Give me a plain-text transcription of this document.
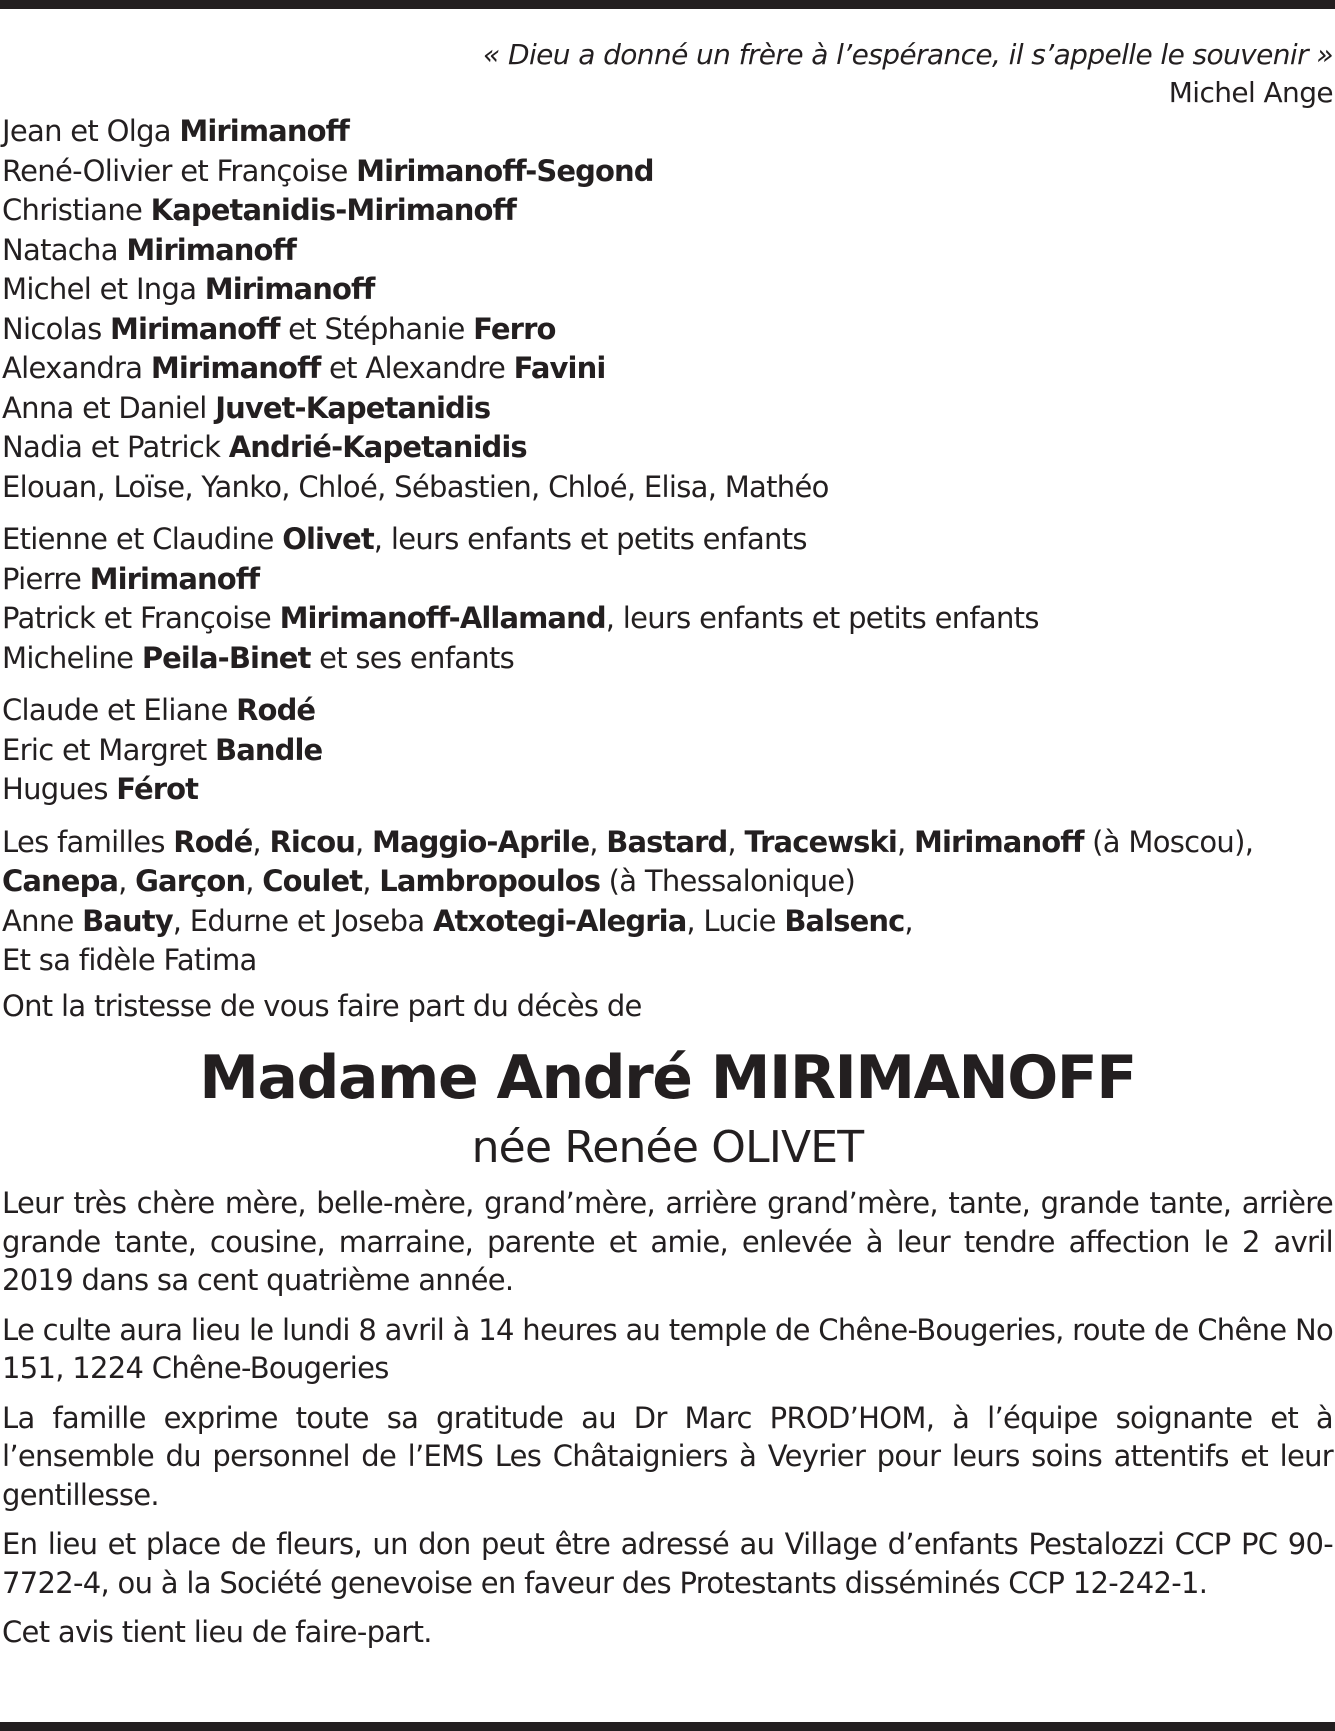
« Dieu a donné un frère à l’espérance, il s’appelle le souvenir »
Michel Ange
Jean et Olga Mirimanoff
René-Olivier et Françoise Mirimanoff-Segond
Christiane Kapetanidis-Mirimanoff
Natacha Mirimanoff
Michel et Inga Mirimanoff
Nicolas Mirimanoff et Stéphanie Ferro
Alexandra Mirimanoff et Alexandre Favini
Anna et Daniel Juvet-Kapetanidis
Nadia et Patrick Andrié-Kapetanidis
Elouan, Loïse, Yanko, Chloé, Sébastien, Chloé, Elisa, Mathéo
Etienne et Claudine Olivet, leurs enfants et petits enfants
Pierre Mirimanoff
Patrick et Françoise Mirimanoff-Allamand, leurs enfants et petits enfants
Micheline Peila-Binet et ses enfants
Claude et Eliane Rodé
Eric et Margret Bandle
Hugues Férot
Les familles Rodé, Ricou, Maggio-Aprile, Bastard, Tracewski, Mirimanoff (à Moscou),
Canepa, Garçon, Coulet, Lambropoulos (à Thessalonique)
Anne Bauty, Edurne et Joseba Atxotegi-Alegria, Lucie Balsenc,
Et sa fidèle Fatima
Ont la tristesse de vous faire part du décès de
Madame André MIRIMANOFF
née Renée OLIVET
Leur très chère mère, belle-mère, grand’mère, arrière grand’mère, tante, grande tante, arrière grande tante, cousine, marraine, parente et amie, enlevée à leur tendre affection le 2 avril 2019 dans sa cent quatrième année.
Le culte aura lieu le lundi 8 avril à 14 heures au temple de Chêne-Bougeries, route de Chêne No 151, 1224 Chêne-Bougeries
La famille exprime toute sa gratitude au Dr Marc PROD’HOM, à l’équipe soignante et à l’ensemble du personnel de l’EMS Les Châtaigniers à Veyrier pour leurs soins attentifs et leur gentillesse.
En lieu et place de fleurs, un don peut être adressé au Village d’enfants Pestalozzi CCP PC 90-7722-4, ou à la Société genevoise en faveur des Protestants disséminés CCP 12-242-1.
Cet avis tient lieu de faire-part.
